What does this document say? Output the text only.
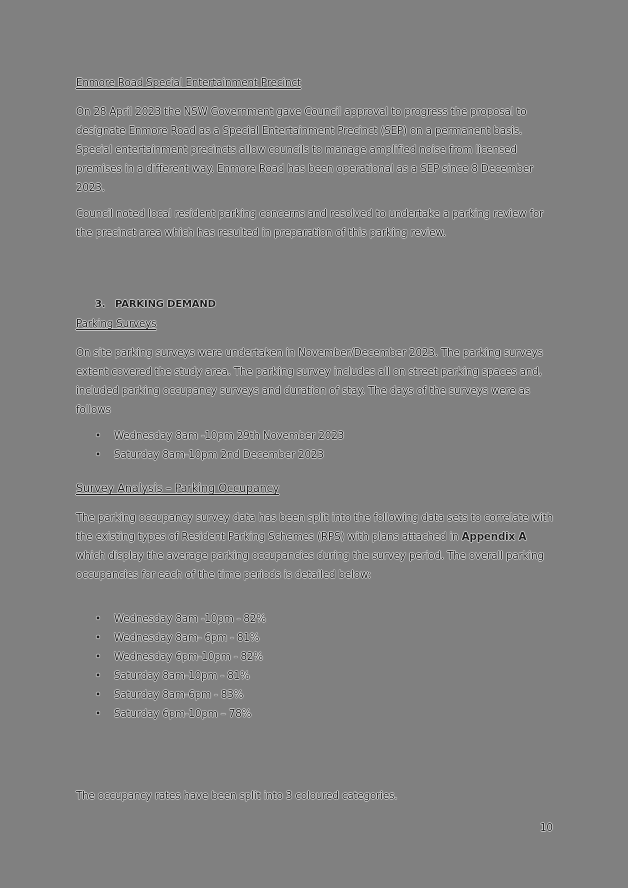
Enmore Road Special Entertainment Precinct

On 28 April 2023 the NSW Government gave Council approval to progress the proposal to designate Enmore Road as a Special Entertainment Precinct (SEP) on a permanent basis. Special entertainment precincts allow councils to manage amplified noise from licensed premises in a different way. Enmore Road has been operational as a SEP since 8 December 2023.

Council noted local resident parking concerns and resolved to undertake a parking review for the precinct area which has resulted in preparation of this parking review.

3. PARKING DEMAND
Parking Surveys

On site parking surveys were undertaken in November/December 2023. The parking surveys extent covered the study area. The parking survey includes all on street parking spaces and, included parking occupancy surveys and duration of stay. The days of the surveys were as follows

• Wednesday 8am -10pm 29th November 2023
• Saturday 8am-10pm 2nd December 2023
Survey Analysis – Parking Occupancy

The parking occupancy survey data has been split into the following data sets to correlate with the existing types of Resident Parking Schemes (RPS) with plans attached in Appendix A which display the average parking occupancies during the survey period. The overall parking occupancies for each of the time periods is detailed below:

• Wednesday 8am -10pm - 82%
• Wednesday 8am- 6pm - 81%
• Wednesday 6pm-10pm - 82%
• Saturday 8am-10pm - 81%
• Saturday 8am-6pm - 83%
• Saturday 6pm-10pm – 78%

The occupancy rates have been split into 3 coloured categories.

10
